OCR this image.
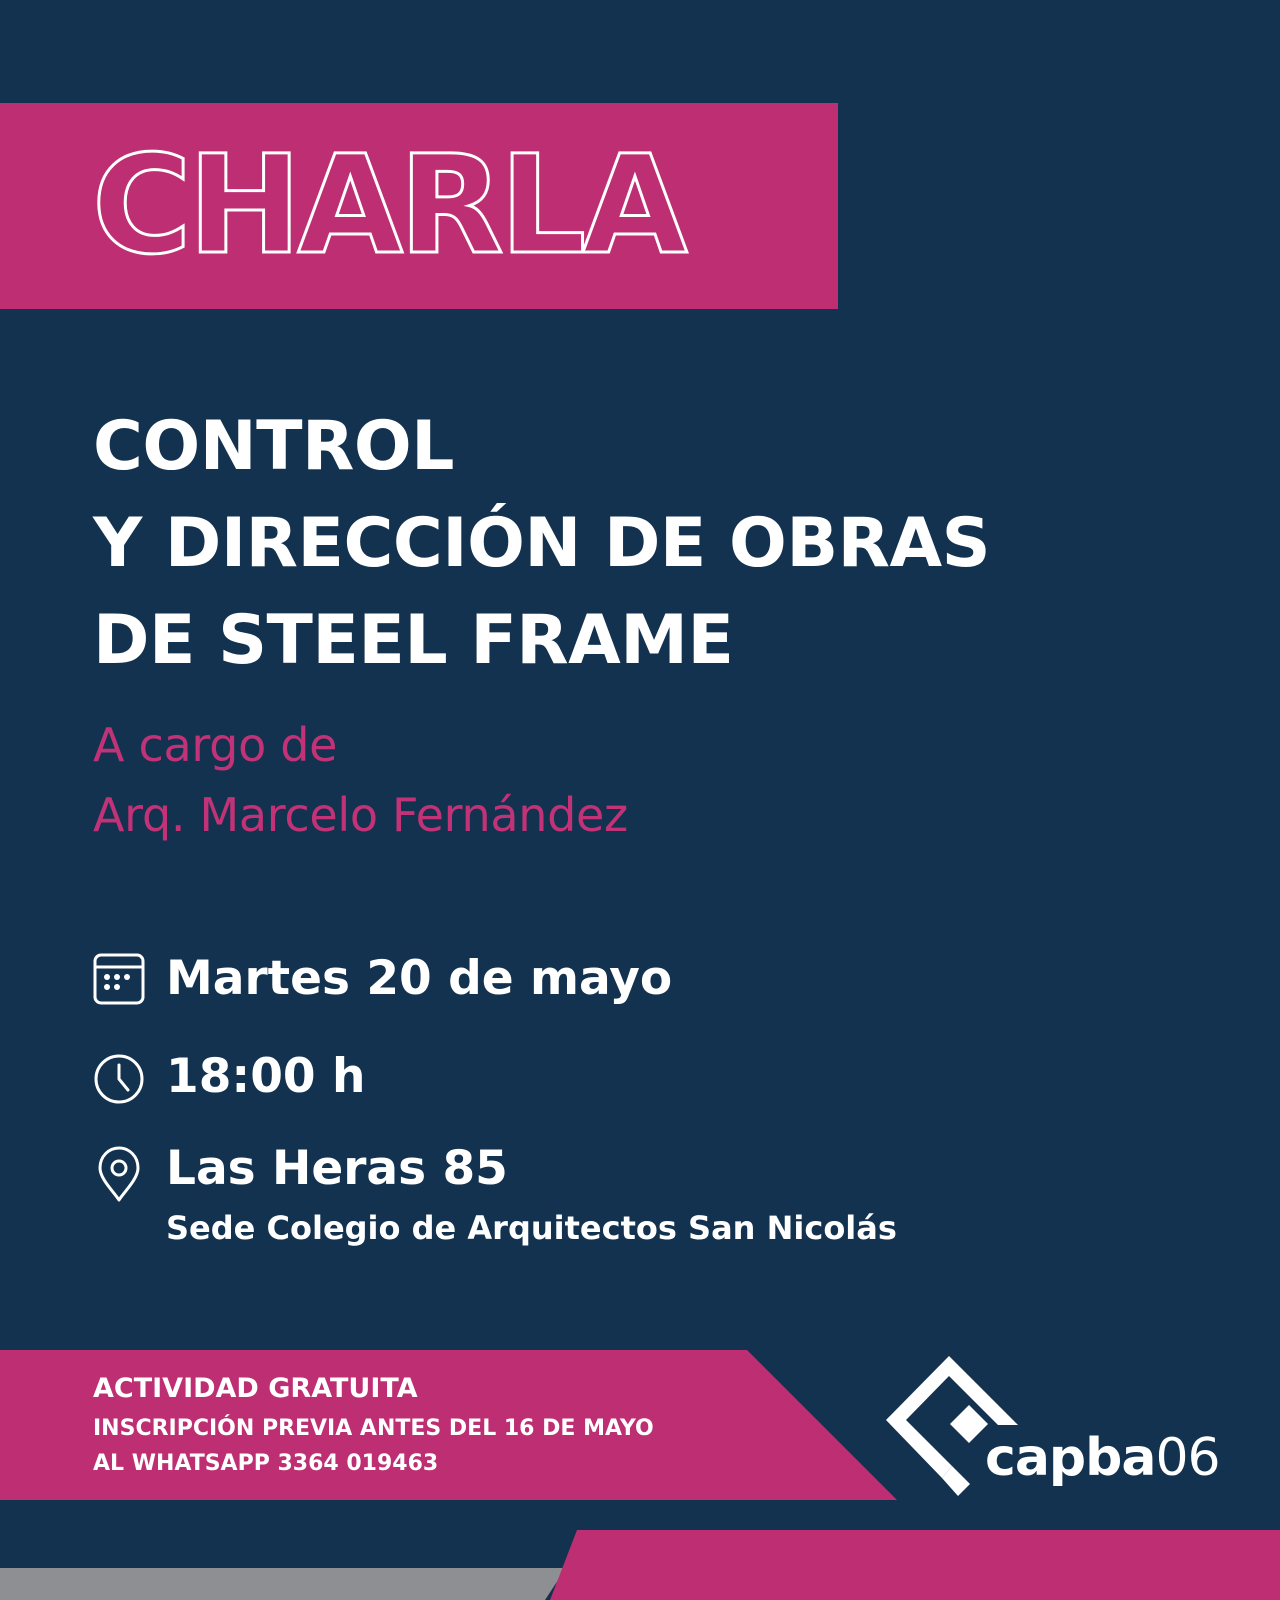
CHARLA
CONTROL
Y DIRECCIÓN DE OBRAS
DE STEEL FRAME

A cargo de
Arq. Marcelo Fernández

Martes 20 de mayo
18:00 h
Las Heras 85
Sede Colegio de Arquitectos San Nicolás
ACTIVIDAD GRATUITA
INSCRIPCIÓN PREVIA ANTES DEL 16 DE MAYO
AL WHATSAPP 3364 019463	capba06
